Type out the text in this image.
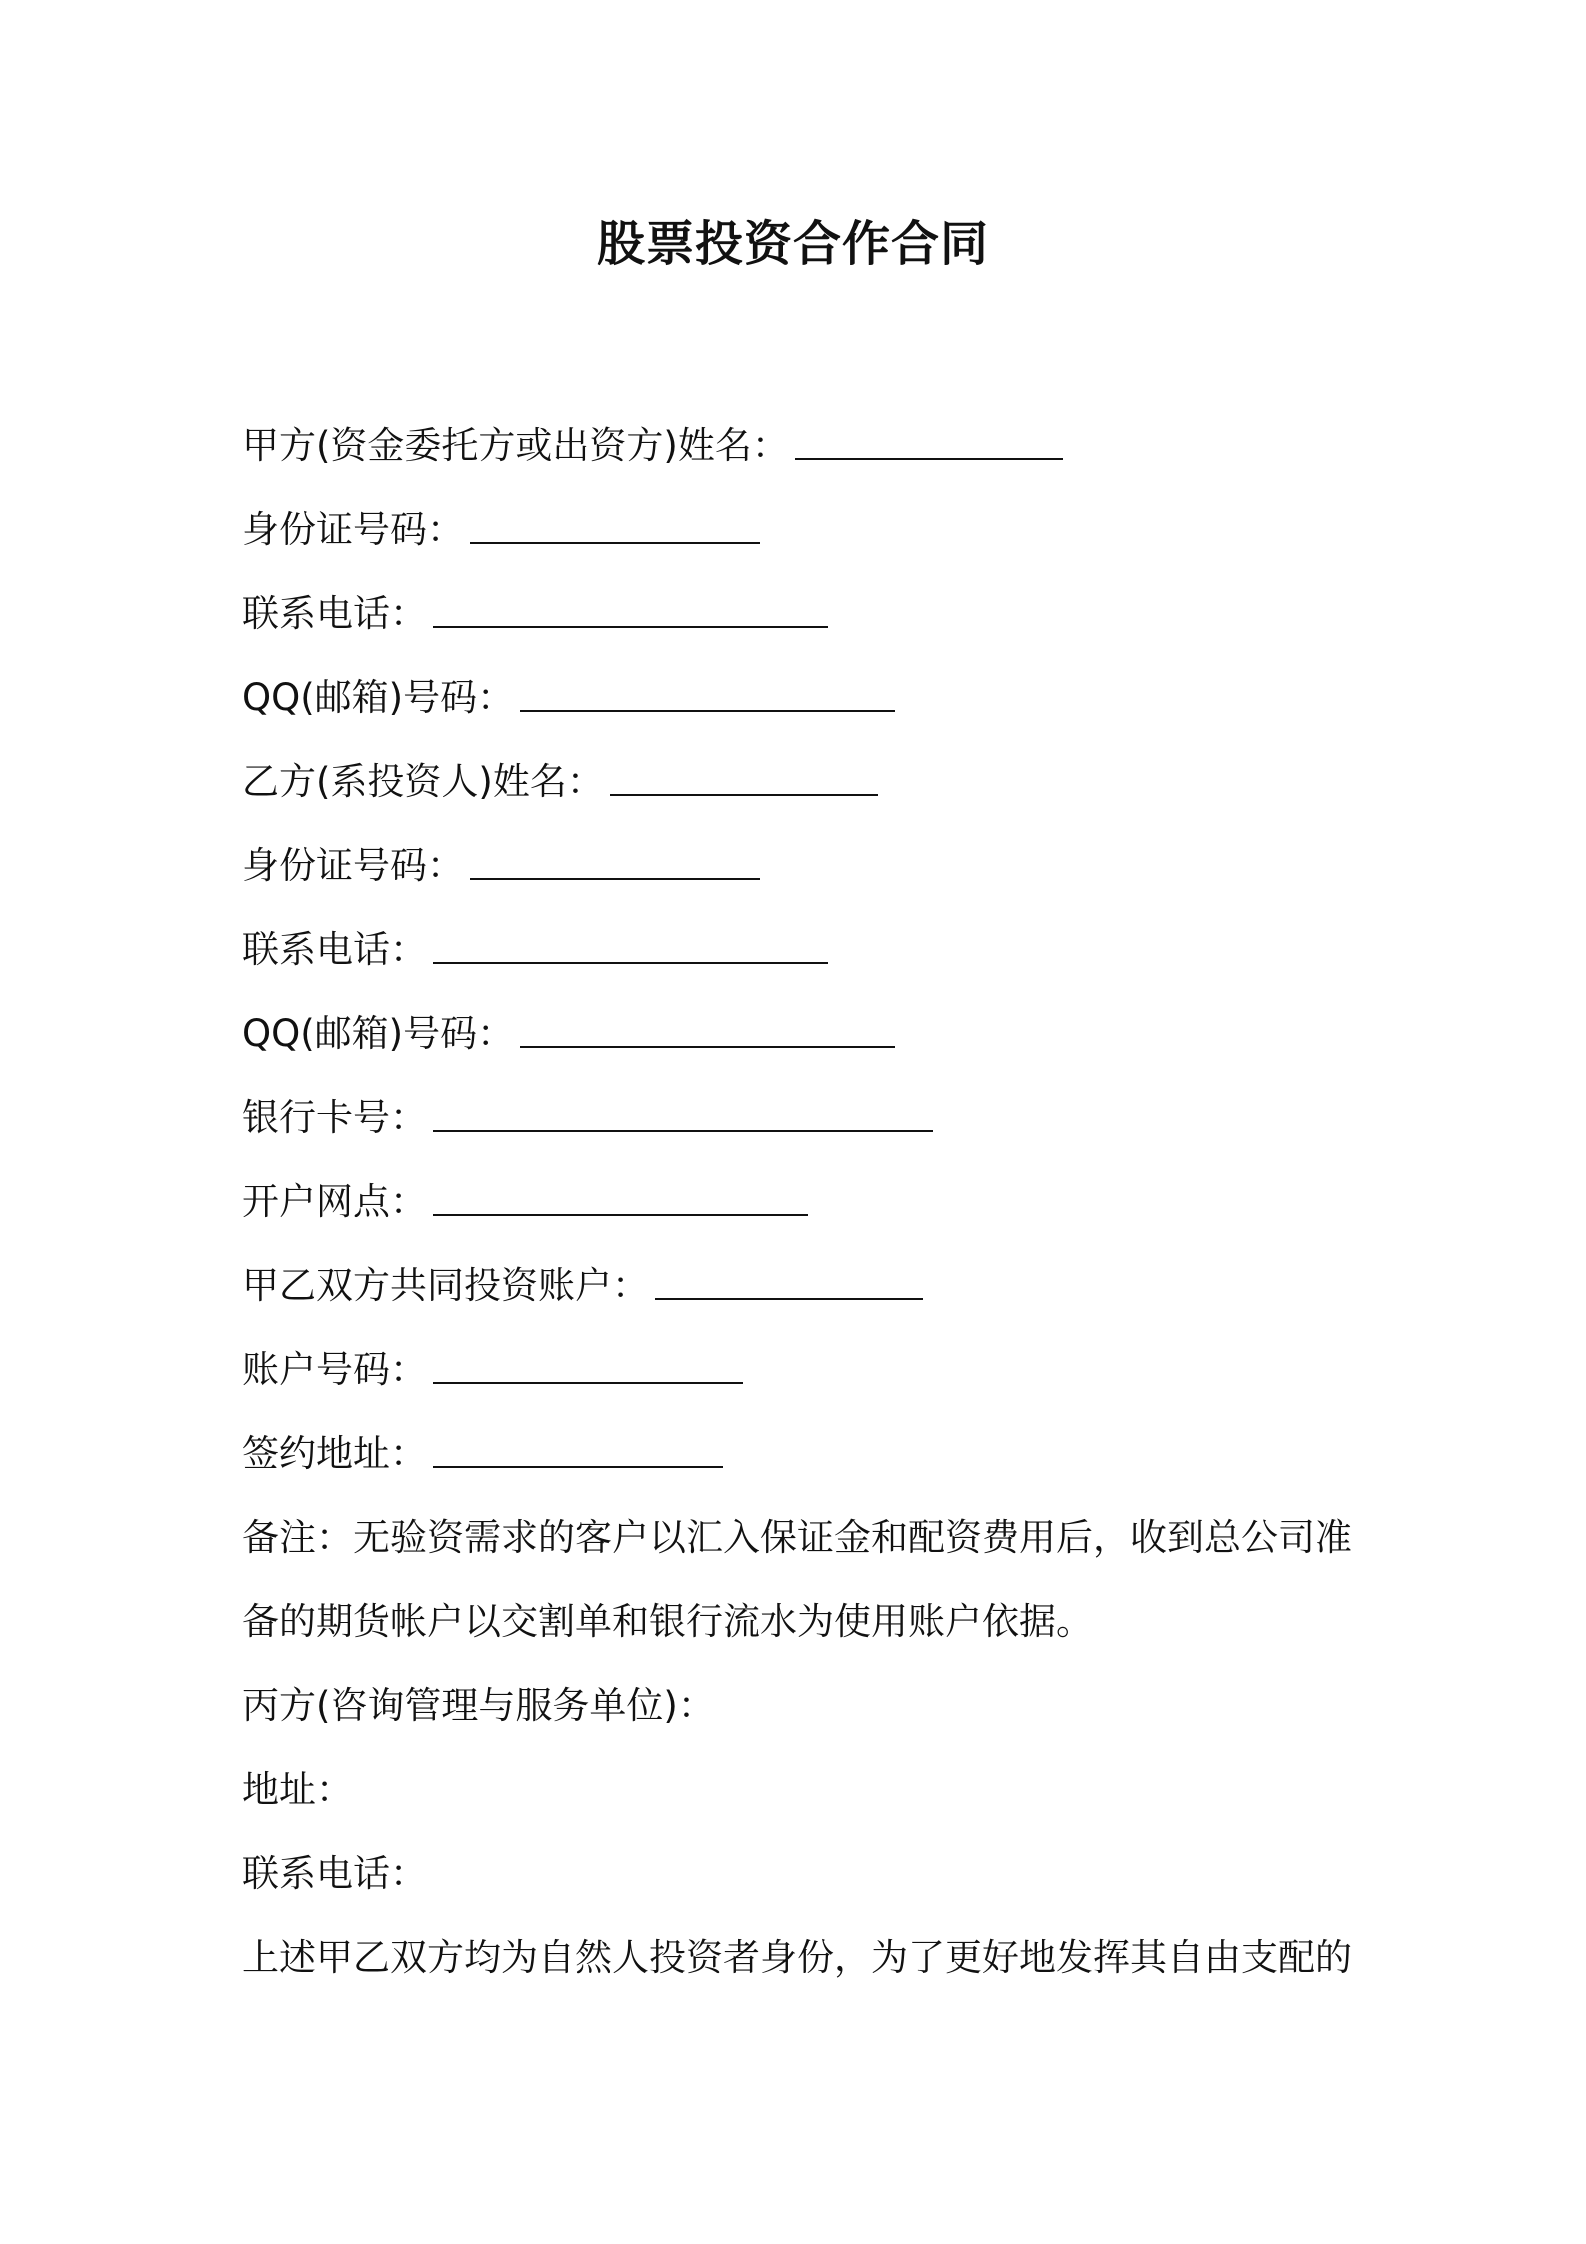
股票投资合作合同
甲方(资金委托方或出资方)姓名：
身份证号码：
联系电话：
QQ(邮箱)号码：
乙方(系投资人)姓名：
身份证号码：
联系电话：
QQ(邮箱)号码：
银行卡号：
开户网点：
甲乙双方共同投资账户：
账户号码：
签约地址：
备注：无验资需求的客户以汇入保证金和配资费用后，收到总公司准
备的期货帐户以交割单和银行流水为使用账户依据。
丙方(咨询管理与服务单位)：
地址：
联系电话：
上述甲乙双方均为自然人投资者身份，为了更好地发挥其自由支配的
